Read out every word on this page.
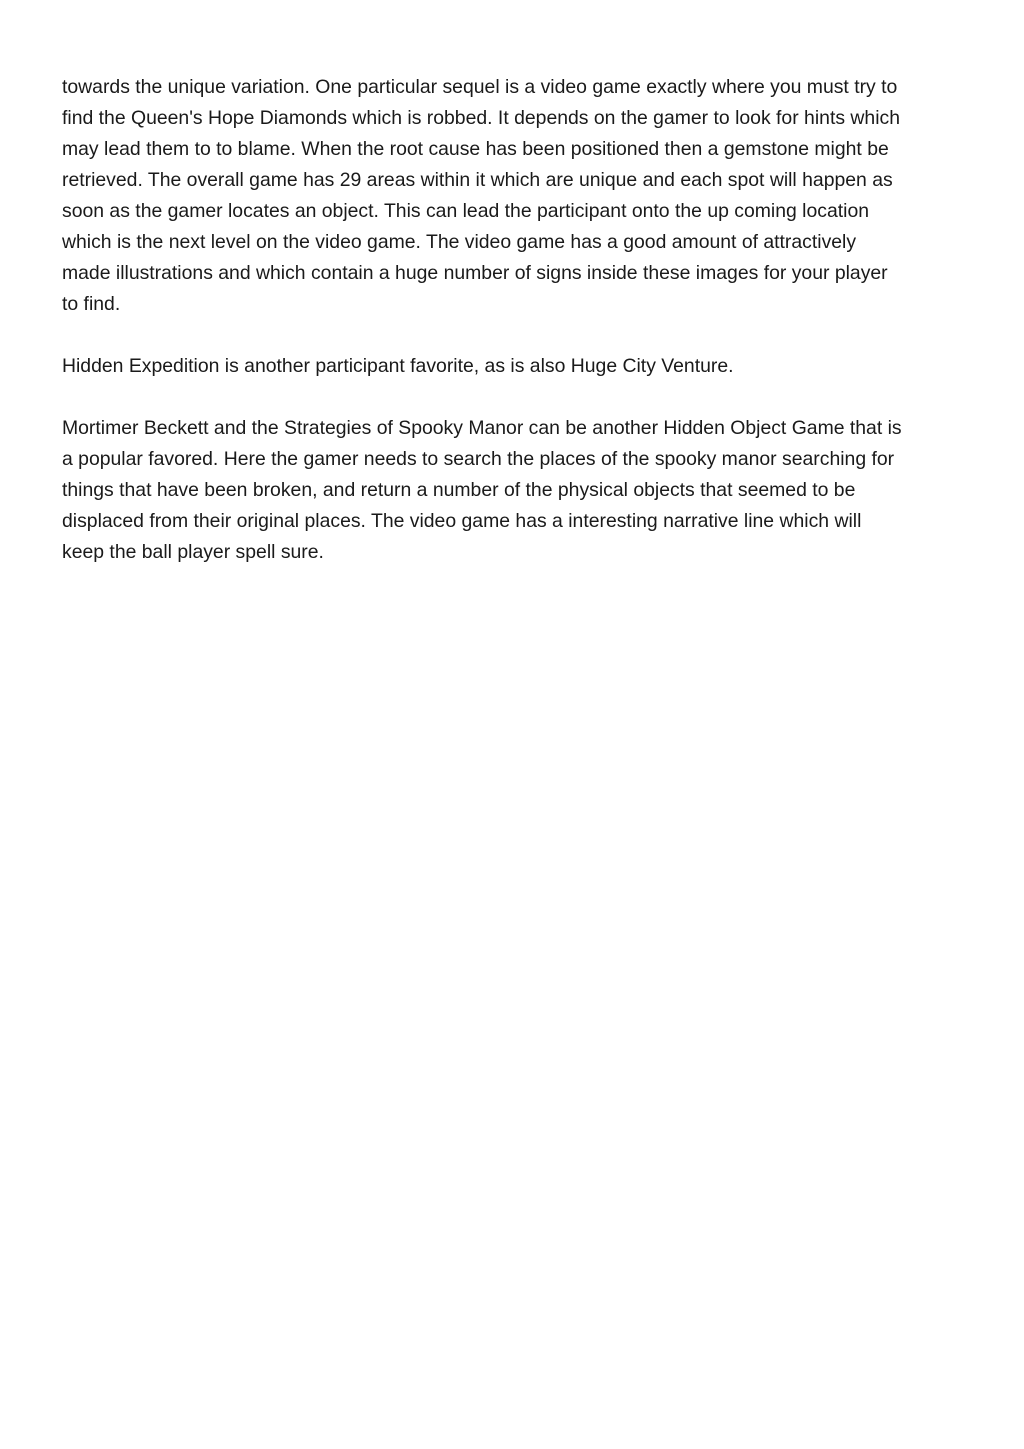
towards the unique variation. One particular sequel is a video game exactly where you must try to
find the Queen's Hope Diamonds which is robbed. It depends on the gamer to look for hints which
may lead them to to blame. When the root cause has been positioned then a gemstone might be
retrieved. The overall game has 29 areas within it which are unique and each spot will happen as
soon as the gamer locates an object. This can lead the participant onto the up coming location
which is the next level on the video game. The video game has a good amount of attractively
made illustrations and which contain a huge number of signs inside these images for your player
to find.

Hidden Expedition is another participant favorite, as is also Huge City Venture.

Mortimer Beckett and the Strategies of Spooky Manor can be another Hidden Object Game that is
a popular favored. Here the gamer needs to search the places of the spooky manor searching for
things that have been broken, and return a number of the physical objects that seemed to be
displaced from their original places. The video game has a interesting narrative line which will
keep the ball player spell sure.
